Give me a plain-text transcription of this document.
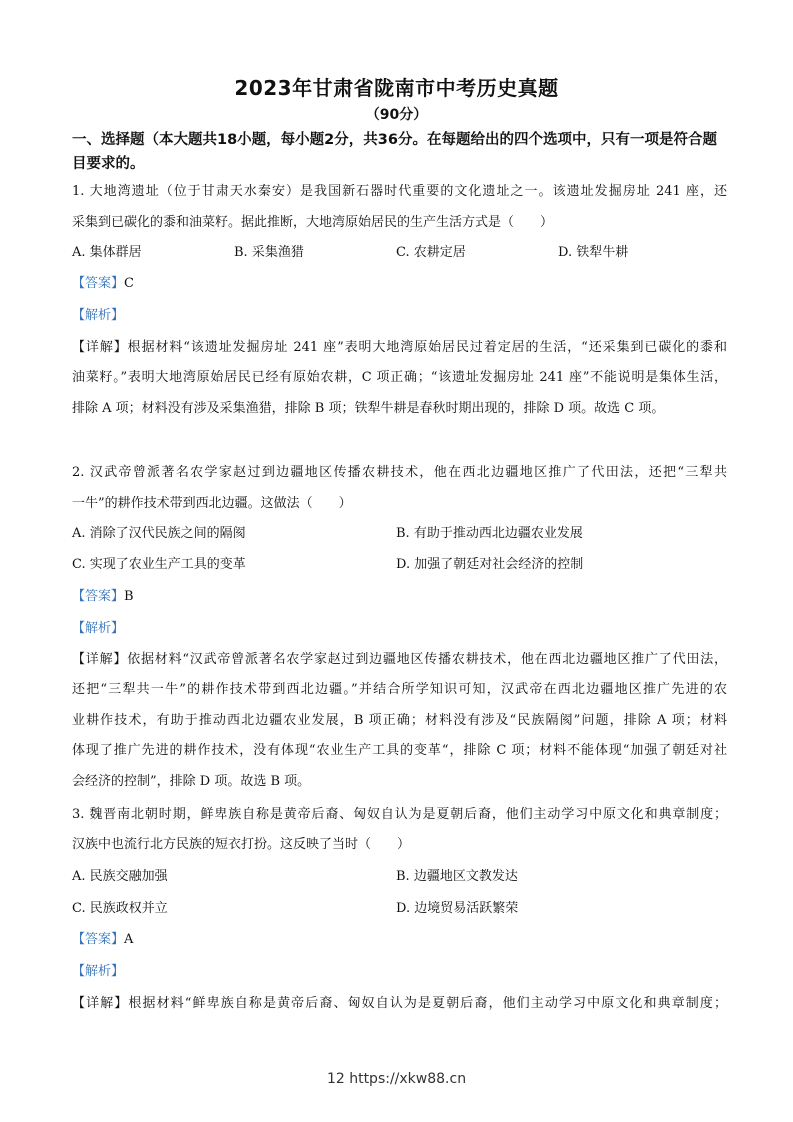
2023年甘肃省陇南市中考历史真题
（90分）
一、选择题（本大题共18小题，每小题2分，共36分。在每题给出的四个选项中，只有一项是符合题目要求的。
1. 大地湾遗址（位于甘肃天水秦安）是我国新石器时代重要的文化遗址之一。该遗址发掘房址 241 座，还
采集到已碳化的黍和油菜籽。据此推断，大地湾原始居民的生产生活方式是（　　）
A. 集体群居	B. 采集渔猎	C. 农耕定居	D. 铁犁牛耕
【答案】C
【解析】
【详解】根据材料“该遗址发掘房址 241 座”表明大地湾原始居民过着定居的生活，“还采集到已碳化的黍和
油菜籽。”表明大地湾原始居民已经有原始农耕，C 项正确；“该遗址发掘房址 241 座”不能说明是集体生活，
排除 A 项；材料没有涉及采集渔猎，排除 B 项；铁犁牛耕是春秋时期出现的，排除 D 项。故选 C 项。
2. 汉武帝曾派著名农学家赵过到边疆地区传播农耕技术，他在西北边疆地区推广了代田法，还把“三犁共
一牛”的耕作技术带到西北边疆。这做法（　　）
A. 消除了汉代民族之间的隔阂	B. 有助于推动西北边疆农业发展
C. 实现了农业生产工具的变革	D. 加强了朝廷对社会经济的控制
【答案】B
【解析】
【详解】依据材料“汉武帝曾派著名农学家赵过到边疆地区传播农耕技术，他在西北边疆地区推广了代田法，
还把“三犁共一牛”的耕作技术带到西北边疆。”并结合所学知识可知，汉武帝在西北边疆地区推广先进的农
业耕作技术，有助于推动西北边疆农业发展，B 项正确；材料没有涉及“民族隔阂”问题，排除 A 项；材料
体现了推广先进的耕作技术，没有体现“农业生产工具的变革“，排除 C 项；材料不能体现“加强了朝廷对社
会经济的控制”，排除 D 项。故选 B 项。
3. 魏晋南北朝时期，鲜卑族自称是黄帝后裔、匈奴自认为是夏朝后裔，他们主动学习中原文化和典章制度；
汉族中也流行北方民族的短衣打扮。这反映了当时（　　）
A. 民族交融加强	B. 边疆地区文教发达
C. 民族政权并立	D. 边境贸易活跃繁荣
【答案】A
【解析】
【详解】根据材料“鲜卑族自称是黄帝后裔、匈奴自认为是夏朝后裔，他们主动学习中原文化和典章制度；
12 https://xkw88.cn
